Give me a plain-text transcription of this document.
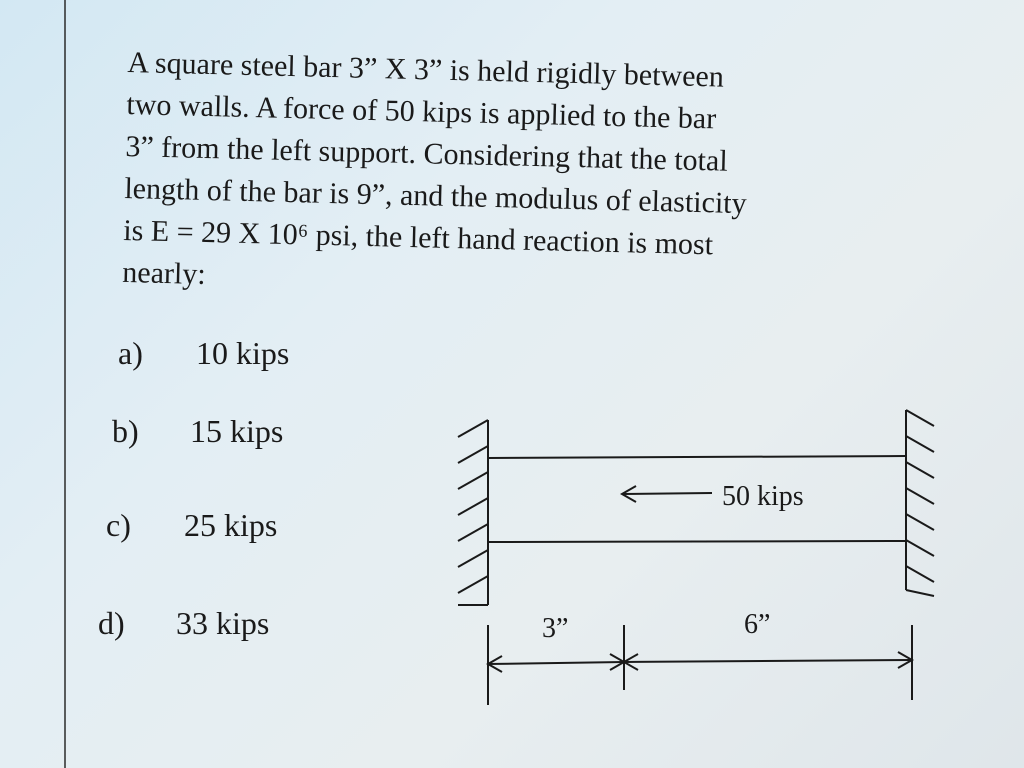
A square steel bar 3” X 3” is held rigidly between
two walls. A force of 50 kips is applied to the bar
3” from the left support. Considering that the total
length of the bar is 9”, and the modulus of elasticity
is E = 29 X 10⁶ psi, the left hand reaction is most
nearly:
a) 10 kips
b) 15 kips
c) 25 kips
d) 33 kips
50 kips
3”	6”
